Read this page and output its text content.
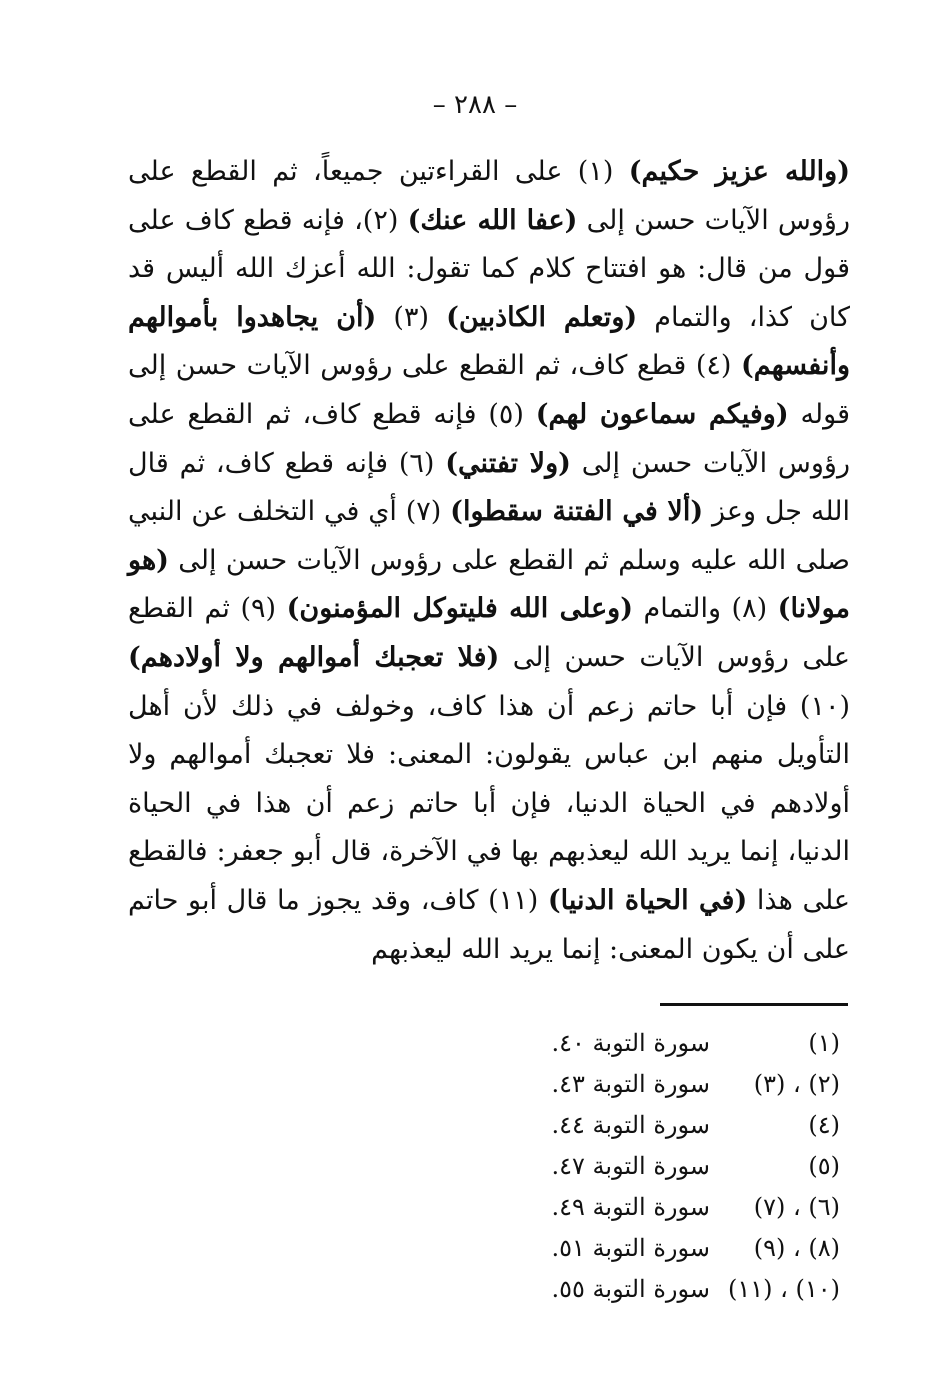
– ٢٨٨ –

(والله عزيز حكيم) (١) على القراءتين جميعاً، ثم القطع على رؤوس الآيات حسن إلى (عفا الله عنك) (٢)، فإنه قطع كاف على قول من قال: هو افتتاح كلام كما تقول: الله أعزك الله أليس قد كان كذا، والتمام (وتعلم الكاذبين) (٣) (أن يجاهدوا بأموالهم وأنفسهم) (٤) قطع كاف، ثم القطع على رؤوس الآيات حسن إلى قوله (وفيكم سماعون لهم) (٥) فإنه قطع كاف، ثم القطع على رؤوس الآيات حسن إلى (ولا تفتني) (٦) فإنه قطع كاف، ثم قال الله جل وعز (ألا في الفتنة سقطوا) (٧) أي في التخلف عن النبي صلى الله عليه وسلم ثم القطع على رؤوس الآيات حسن إلى (هو مولانا) (٨) والتمام (وعلى الله فليتوكل المؤمنون) (٩) ثم القطع على رؤوس الآيات حسن إلى (فلا تعجبك أموالهم ولا أولادهم) (١٠) فإن أبا حاتم زعم أن هذا كاف، وخولف في ذلك لأن أهل التأويل منهم ابن عباس يقولون: المعنى: فلا تعجبك أموالهم ولا أولادهم في الحياة الدنيا، فإن أبا حاتم زعم أن هذا في الحياة الدنيا، إنما يريد الله ليعذبهم بها في الآخرة، قال أبو جعفر: فالقطع على هذا (في الحياة الدنيا) (١١) كاف، وقد يجوز ما قال أبو حاتم على أن يكون المعنى: إنما يريد الله ليعذبهم

(١)
سورة التوبة ٤٠.
(٢) ، (٣)
سورة التوبة ٤٣.
(٤)
سورة التوبة ٤٤.
(٥)
سورة التوبة ٤٧.
(٦) ، (٧)
سورة التوبة ٤٩.
(٨) ، (٩)
سورة التوبة ٥١.
(١٠) ، (١١)
سورة التوبة ٥٥.
